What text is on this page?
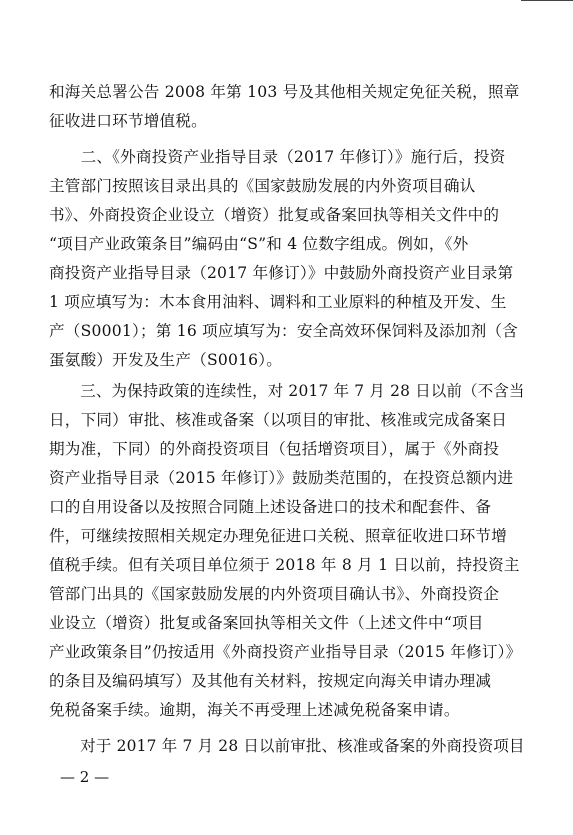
和海关总署公告 2008 年第 103 号及其他相关规定免征关税，照章
征收进口环节增值税。
　　二、《外商投资产业指导目录（2017 年修订）》施行后，投资
主管部门按照该目录出具的《国家鼓励发展的内外资项目确认
书》、外商投资企业设立（增资）批复或备案回执等相关文件中的
“项目产业政策条目”编码由“S”和 4 位数字组成。例如，《外
商投资产业指导目录（2017 年修订）》中鼓励外商投资产业目录第
1 项应填写为：木本食用油料、调料和工业原料的种植及开发、生
产（S0001）；第 16 项应填写为：安全高效环保饲料及添加剂（含
蛋氨酸）开发及生产（S0016）。
　　三、为保持政策的连续性，对 2017 年 7 月 28 日以前（不含当
日，下同）审批、核准或备案（以项目的审批、核准或完成备案日
期为准，下同）的外商投资项目（包括增资项目），属于《外商投
资产业指导目录（2015 年修订）》鼓励类范围的，在投资总额内进
口的自用设备以及按照合同随上述设备进口的技术和配套件、备
件，可继续按照相关规定办理免征进口关税、照章征收进口环节增
值税手续。但有关项目单位须于 2018 年 8 月 1 日以前，持投资主
管部门出具的《国家鼓励发展的内外资项目确认书》、外商投资企
业设立（增资）批复或备案回执等相关文件（上述文件中“项目
产业政策条目”仍按适用《外商投资产业指导目录（2015 年修订）》
的条目及编码填写）及其他有关材料，按规定向海关申请办理减
免税备案手续。逾期，海关不再受理上述减免税备案申请。
　　对于 2017 年 7 月 28 日以前审批、核准或备案的外商投资项目
— 2 —
